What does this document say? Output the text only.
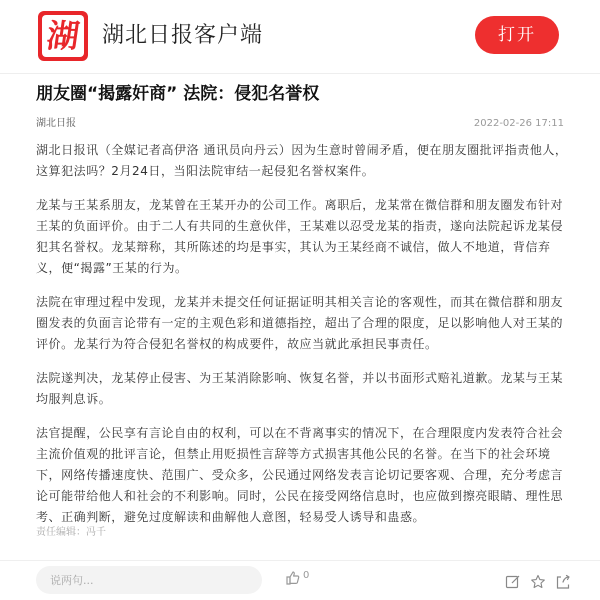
湖 湖北日报客户端	打开
朋友圈“揭露奸商” 法院：侵犯名誉权
湖北日报	2022-02-26 17:11

湖北日报讯（全媒记者高伊洛 通讯员向丹云）因为生意时曾闹矛盾，便在朋友圈批评指责他人，这算犯法吗？2月24日，当阳法院审结一起侵犯名誉权案件。

龙某与王某系朋友，龙某曾在王某开办的公司工作。离职后，龙某常在微信群和朋友圈发布针对王某的负面评价。由于二人有共同的生意伙伴，王某难以忍受龙某的指责，遂向法院起诉龙某侵犯其名誉权。龙某辩称，其所陈述的均是事实，其认为王某经商不诚信，做人不地道，背信弃义，便“揭露”王某的行为。

法院在审理过程中发现，龙某并未提交任何证据证明其相关言论的客观性，而其在微信群和朋友圈发表的负面言论带有一定的主观色彩和道德指控，超出了合理的限度，足以影响他人对王某的评价。龙某行为符合侵犯名誉权的构成要件，故应当就此承担民事责任。

法院遂判决，龙某停止侵害、为王某消除影响、恢复名誉，并以书面形式赔礼道歉。龙某与王某均服判息诉。

法官提醒，公民享有言论自由的权利，可以在不背离事实的情况下，在合理限度内发表符合社会主流价值观的批评言论，但禁止用贬损性言辞等方式损害其他公民的名誉。在当下的社会环境下，网络传播速度快、范围广、受众多，公民通过网络发表言论切记要客观、合理，充分考虑言论可能带给他人和社会的不利影响。同时，公民在接受网络信息时，也应做到擦亮眼睛、理性思考、正确判断，避免过度解读和曲解他人意图，轻易受人诱导和蛊惑。

责任编辑：冯千
说两句...
0
